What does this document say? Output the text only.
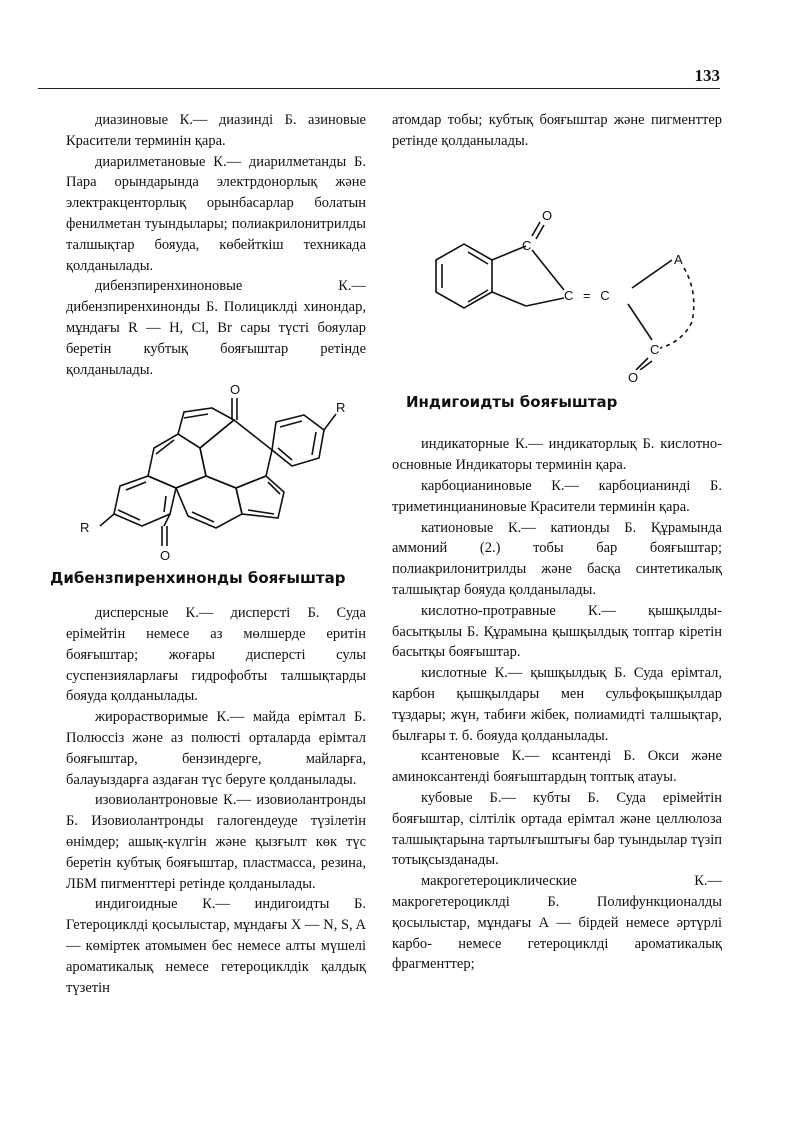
133

диазиновые К.— диазинді Б. азиновые Красители терминін қара.

диарилметановые К.— диарилметанды Б. Пара орындарында электрдонорлық және электракценторлық орынбасарлар болатын фенилметан туындылары; полиакрилонитрилды талшықтар бояуда, көбейткіш техникада қолданылады.

дибензпиренхиноновые К.— дибензпиренхинонды Б. Полициклді хинондар, мұндағы R — H, Cl, Br сары түсті бояулар беретін кубтық бояғыштар ретінде қолданылады.

O
R
R
O

Дибензпиренхинонды бояғыштар

дисперсные К.— дисперсті Б. Суда ерімейтін немесе аз мөлшерде еритін бояғыштар; жоғары дисперсті сулы суспензияларлағы гидрофобты талшықтарды бояуда қолданылады.

жирорастворимые К.— майда ерімтал Б. Полюссіз және аз полюсті орталарда ерімтал бояғыштар, бензиндерге, майларға, балауыздарға аздаған түс беруге қолданылады.

изовиолантроновые К.— изовиолантронды Б. Изовиолантронды галогендеуде түзілетін өнімдер; ашық-күлгін және қызғылт көк түс беретін кубтық бояғыштар, пластмасса, резина, ЛБМ пигменттері ретінде қолданылады.

индигоидные К.— индигоидты Б. Гетероциклді қосылыстар, мұндағы X — N, S, A — көміртек атомымен бес немесе алты мүшелі ароматикалық немесе гетероциклдік қалдық түзетін

атомдар тобы; кубтық бояғыштар және пигменттер ретінде қолданылады.

C
O
C = C
A
C
O

Индигоидты бояғыштар

индикаторные К.— индикаторлық Б. кислотно-основные Индикаторы терминін қара.

карбоцианиновые К.— карбоцианинді Б. триметинцианиновые Красители терминін қара.

катионовые К.— катионды Б. Құрамында аммоний (2.) тобы бар бояғыштар; полиакрилонитрилды және басқа синтетикалық талшықтар бояуда қолданылады.

кислотно-протравные К.— қышқылды-басытқылы Б. Құрамына қышқылдық топтар кіретін басытқы бояғыштар.

кислотные К.— қышқылдық Б. Суда ерімтал, карбон қышқылдары мен сульфоқышқылдар тұздары; жүн, табиғи жібек, полиамидті талшықтар, былғары т. б. бояуда қолданылады.

ксантеновые К.— ксантенді Б. Окси және аминоксантенді бояғыштардың топтық атауы.

кубовые Б.— кубты Б. Суда ерімейтін бояғыштар, сілтілік ортада ерімтал және целлюлоза талшықтарына тартылғыштығы бар туындылар түзіп тотықсызданады.

макрогетероциклические К.— макрогетероциклді Б. Полифункционалды қосылыстар, мұндағы А — бірдей немесе әртүрлі карбо- немесе гетероциклді ароматикалық фрагменттер;
